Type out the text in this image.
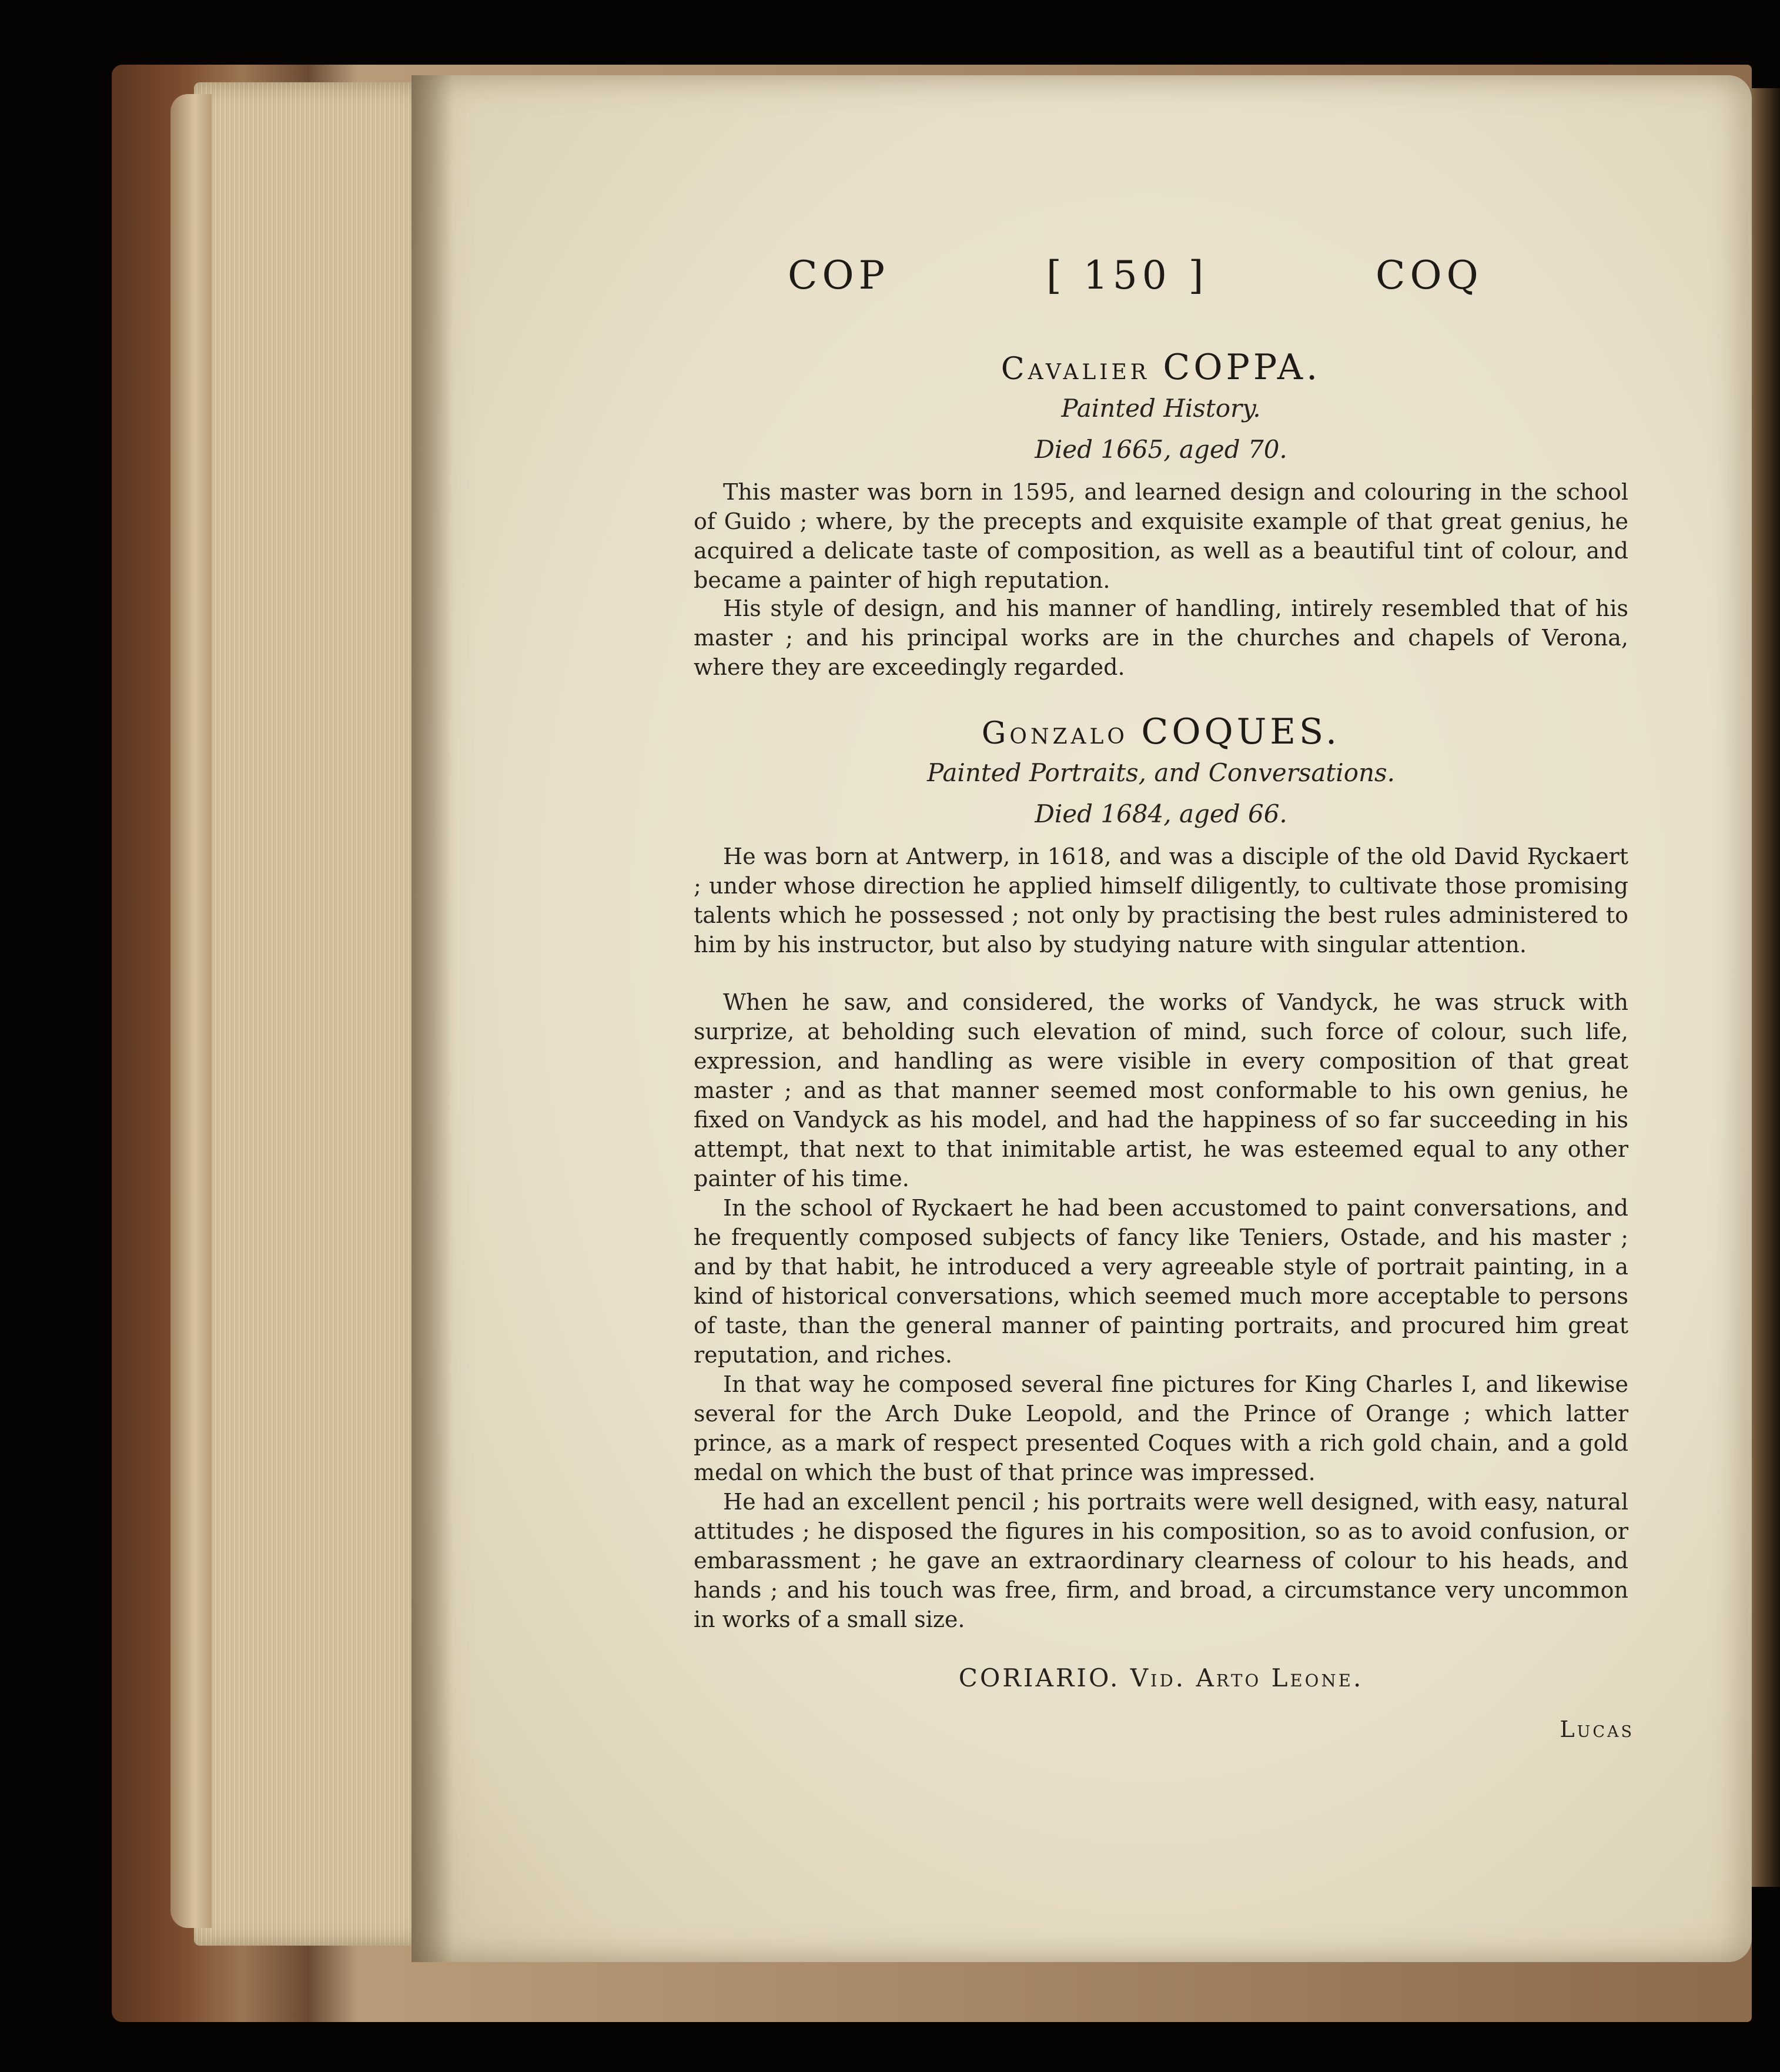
COP	[ 150 ]	COQ
Cavalier COPPA.
Painted History.
Died 1665, aged 70.
This master was born in 1595, and learned design and colouring in the school of Guido ; where, by the precepts and exquisite example of that great genius, he acquired a delicate taste of composition, as well as a beautiful tint of colour, and became a painter of high reputation.
His style of design, and his manner of handling, intirely resembled that of his master ; and his principal works are in the churches and chapels of Verona, where they are exceedingly regarded.
Gonzalo COQUES.
Painted Portraits, and Conversations.
Died 1684, aged 66.
He was born at Antwerp, in 1618, and was a disciple of the old David Ryckaert ; under whose direction he applied himself diligently, to cultivate those promising talents which he possessed ; not only by practising the best rules administered to him by his instructor, but also by studying nature with singular attention.
When he saw, and considered, the works of Vandyck, he was struck with surprize, at beholding such elevation of mind, such force of colour, such life, expression, and handling as were visible in every composition of that great master ; and as that manner seemed most conformable to his own genius, he fixed on Vandyck as his model, and had the happiness of so far succeeding in his attempt, that next to that inimitable artist, he was esteemed equal to any other painter of his time.
In the school of Ryckaert he had been accustomed to paint conversations, and he frequently composed subjects of fancy like Teniers, Ostade, and his master ; and by that habit, he introduced a very agreeable style of portrait painting, in a kind of historical conversations, which seemed much more acceptable to persons of taste, than the general manner of painting portraits, and procured him great reputation, and riches.
In that way he composed several fine pictures for King Charles I, and likewise several for the Arch Duke Leopold, and the Prince of Orange ; which latter prince, as a mark of respect presented Coques with a rich gold chain, and a gold medal on which the bust of that prince was impressed.
He had an excellent pencil ; his portraits were well designed, with easy, natural attitudes ; he disposed the figures in his composition, so as to avoid confusion, or embarassment ; he gave an extraordinary clearness of colour to his heads, and hands ; and his touch was free, firm, and broad, a circumstance very uncommon in works of a small size.
CORIARIO. Vid. Arto Leone.
Lucas
